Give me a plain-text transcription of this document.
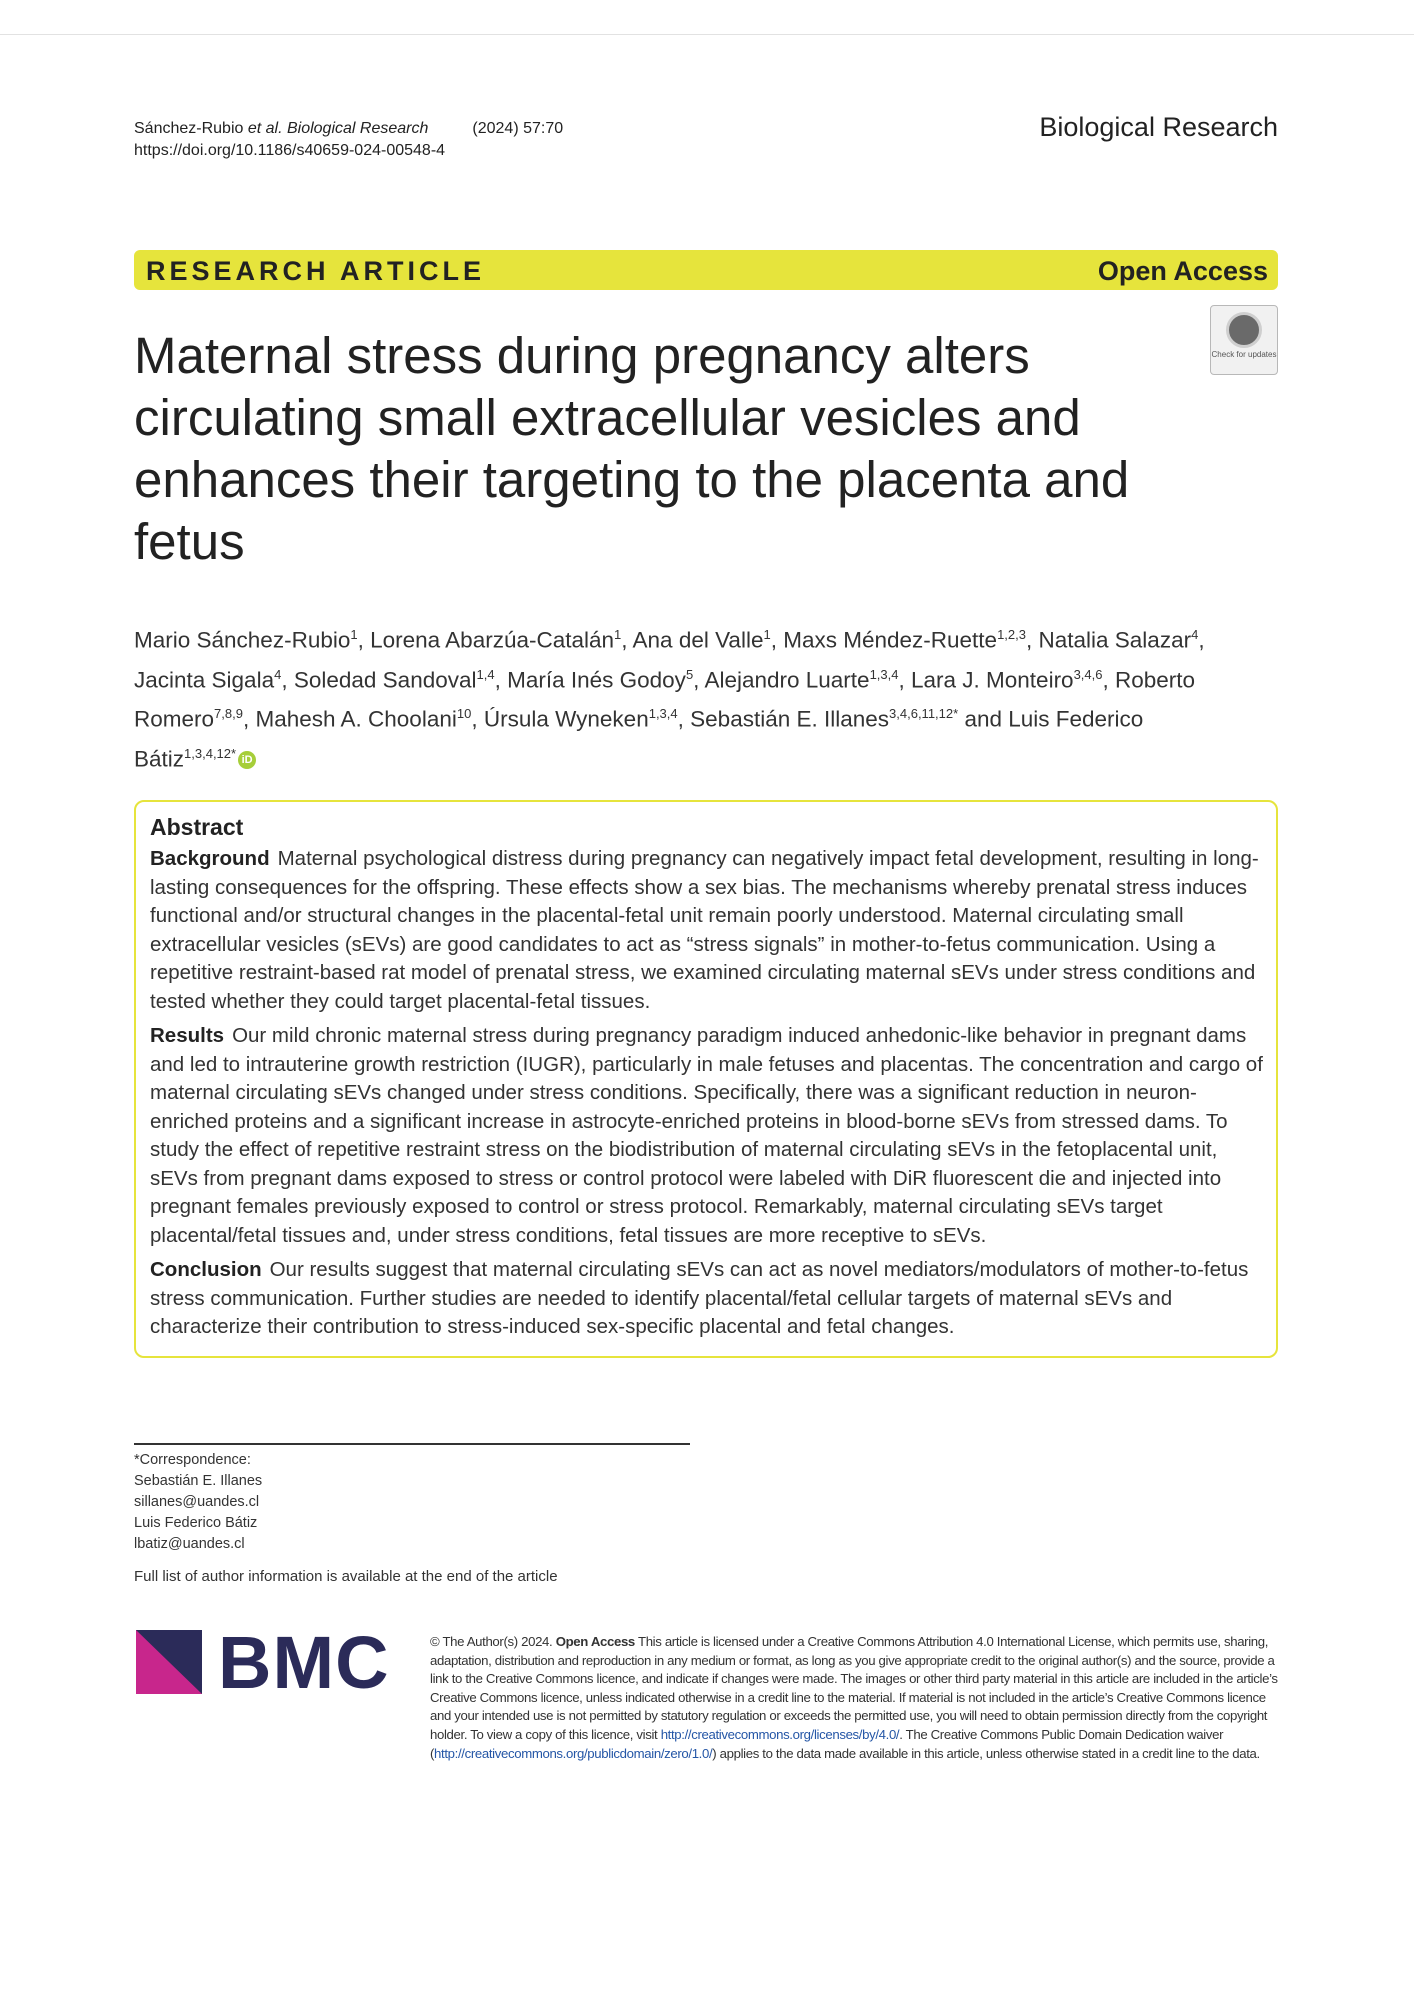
Sánchez-Rubio et al. Biological Research	(2024) 57:70
https://doi.org/10.1186/s40659-024-00548-4
Biological Research
RESEARCH ARTICLE	Open Access
Check for updates
Maternal stress during pregnancy alters circulating small extracellular vesicles and enhances their targeting to the placenta and fetus
Mario Sánchez-Rubio$^1$, Lorena Abarzúa-Catalán$^1$, Ana del Valle$^1$, Maxs Méndez-Ruette$^{1,2,3}$, Natalia Salazar$^4$, Jacinta Sigala$^4$, Soledad Sandoval$^{1,4}$, María Inés Godoy$^5$, Alejandro Luarte$^{1,3,4}$, Lara J. Monteiro$^{3,4,6}$, Roberto Romero$^{7,8,9}$, Mahesh A. Choolani$^{10}$, Úrsula Wyneken$^{1,3,4}$, Sebastián E. Illanes$^{3,4,6,11,12*}$ and Luis Federico Bátiz$^{1,3,4,12*}$ iD
Abstract

Background Maternal psychological distress during pregnancy can negatively impact fetal development, resulting in long-lasting consequences for the offspring. These effects show a sex bias. The mechanisms whereby prenatal stress induces functional and/or structural changes in the placental-fetal unit remain poorly understood. Maternal circulating small extracellular vesicles (sEVs) are good candidates to act as “stress signals” in mother-to-fetus communication. Using a repetitive restraint-based rat model of prenatal stress, we examined circulating maternal sEVs under stress conditions and tested whether they could target placental-fetal tissues.

Results Our mild chronic maternal stress during pregnancy paradigm induced anhedonic-like behavior in pregnant dams and led to intrauterine growth restriction (IUGR), particularly in male fetuses and placentas. The concentration and cargo of maternal circulating sEVs changed under stress conditions. Specifically, there was a significant reduction in neuron-enriched proteins and a significant increase in astrocyte-enriched proteins in blood-borne sEVs from stressed dams. To study the effect of repetitive restraint stress on the biodistribution of maternal circulating sEVs in the fetoplacental unit, sEVs from pregnant dams exposed to stress or control protocol were labeled with DiR fluorescent die and injected into pregnant females previously exposed to control or stress protocol. Remarkably, maternal circulating sEVs target placental/fetal tissues and, under stress conditions, fetal tissues are more receptive to sEVs.

Conclusion Our results suggest that maternal circulating sEVs can act as novel mediators/modulators of mother-to-fetus stress communication. Further studies are needed to identify placental/fetal cellular targets of maternal sEVs and characterize their contribution to stress-induced sex-specific placental and fetal changes.

*Correspondence:
Sebastián E. Illanes
sillanes@uandes.cl
Luis Federico Bátiz
lbatiz@uandes.cl
Full list of author information is available at the end of the article
BMC	© The Author(s) 2024. Open Access This article is licensed under a Creative Commons Attribution 4.0 International License, which permits use, sharing, adaptation, distribution and reproduction in any medium or format, as long as you give appropriate credit to the original author(s) and the source, provide a link to the Creative Commons licence, and indicate if changes were made. The images or other third party material in this article are included in the article’s Creative Commons licence, unless indicated otherwise in a credit line to the material. If material is not included in the article’s Creative Commons licence and your intended use is not permitted by statutory regulation or exceeds the permitted use, you will need to obtain permission directly from the copyright holder. To view a copy of this licence, visit http://creativecommons.org/licenses/by/4.0/. The Creative Commons Public Domain Dedication waiver (http://creativecommons.org/publicdomain/zero/1.0/) applies to the data made available in this article, unless otherwise stated in a credit line to the data.
